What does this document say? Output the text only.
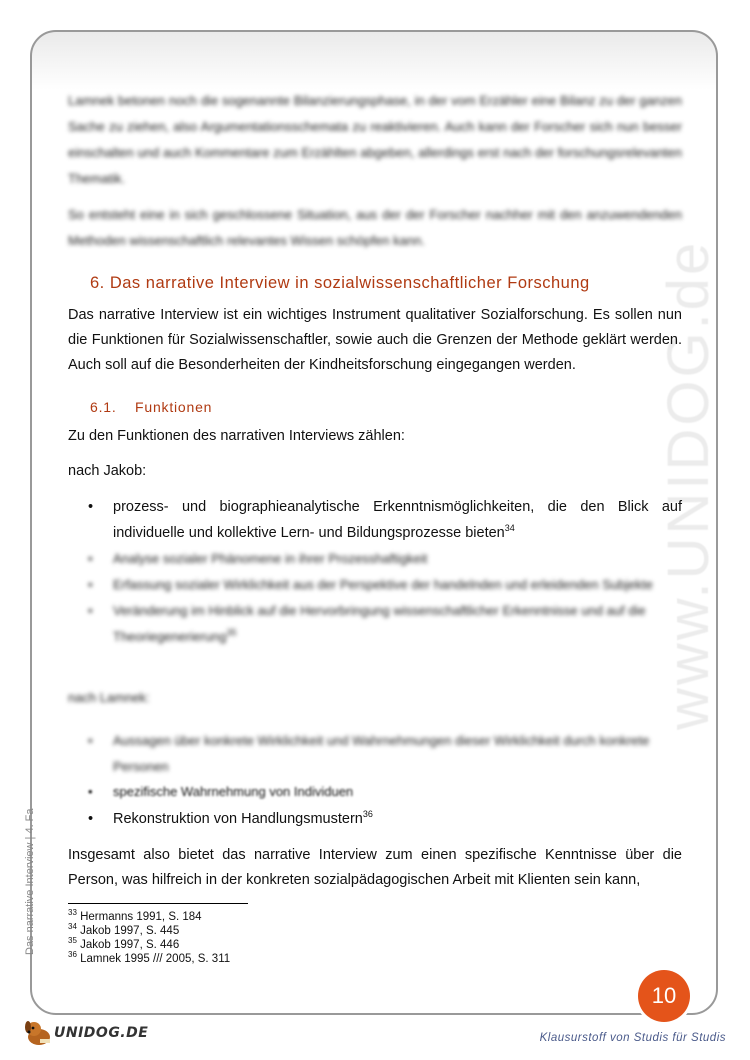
www.UNIDOG.de

Lamnek betonen noch die sogenannte Bilanzierungsphase, in der vom Erzähler eine Bilanz zu der ganzen Sache zu ziehen, also Argumentationsschemata zu reaktivieren. Auch kann der Forscher sich nun besser einschalten und auch Kommentare zum Erzählten abgeben, allerdings erst nach der forschungsrelevanten Thematik.

So entsteht eine in sich geschlossene Situation, aus der der Forscher nachher mit den anzuwendenden Methoden wissenschaftlich relevantes Wissen schöpfen kann.

6. Das narrative Interview in sozialwissenschaftlicher Forschung
Das narrative Interview ist ein wichtiges Instrument qualitativer Sozialforschung. Es sollen nun die Funktionen für Sozialwissenschaftler, sowie auch die Grenzen der Methode geklärt werden. Auch soll auf die Besonderheiten der Kindheitsforschung eingegangen werden.
6.1. Funktionen
Zu den Funktionen des narrativen Interviews zählen:
nach Jakob:
• prozess- und biographieanalytische Erkenntnismöglichkeiten, die den Blick auf individuelle und kollektive Lern- und Bildungsprozesse bieten$^{34}$
• Analyse sozialer Phänomene in ihrer Prozesshaftigkeit
• Erfassung sozialer Wirklichkeit aus der Perspektive der handelnden und erleidenden Subjekte
• Veränderung im Hinblick auf die Hervorbringung wissenschaftlicher Erkenntnisse und auf die Theoriegenerierung$^{35}$
nach Lamnek:
• Aussagen über konkrete Wirklichkeit und Wahrnehmungen dieser Wirklichkeit durch konkrete Personen
• spezifische Wahrnehmung von Individuen
• Rekonstruktion von Handlungsmustern$^{36}$
Insgesamt also bietet das narrative Interview zum einen spezifische Kenntnisse über die Person, was hilfreich in der konkreten sozialpädagogischen Arbeit mit Klienten sein kann,
$^{33}$ Hermanns 1991, S. 184
$^{34}$ Jakob 1997, S. 445
$^{35}$ Jakob 1997, S. 446
$^{36}$ Lamnek 1995 /// 2005, S. 311
Das narrative Interview | 4. Fa
10
UNIDOG.DE	Klausurstoff von Studis für Studis
